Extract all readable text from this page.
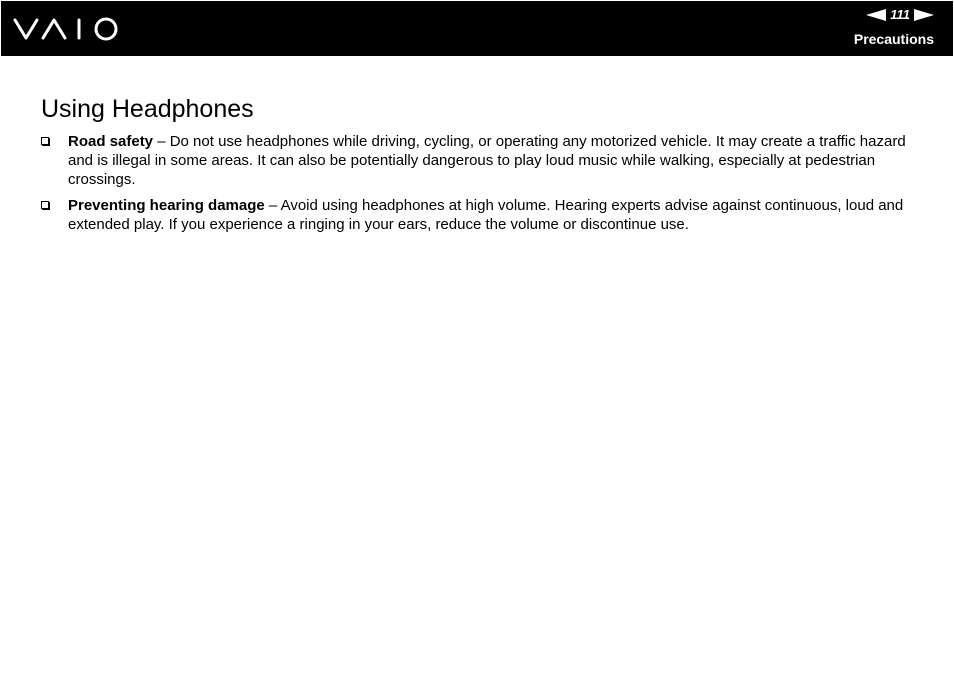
111
Precautions
Using Headphones
Road safety – Do not use headphones while driving, cycling, or operating any motorized vehicle. It may create a traffic hazard and is illegal in some areas. It can also be potentially dangerous to play loud music while walking, especially at pedestrian crossings.
Preventing hearing damage – Avoid using headphones at high volume. Hearing experts advise against continuous, loud and extended play. If you experience a ringing in your ears, reduce the volume or discontinue use.
